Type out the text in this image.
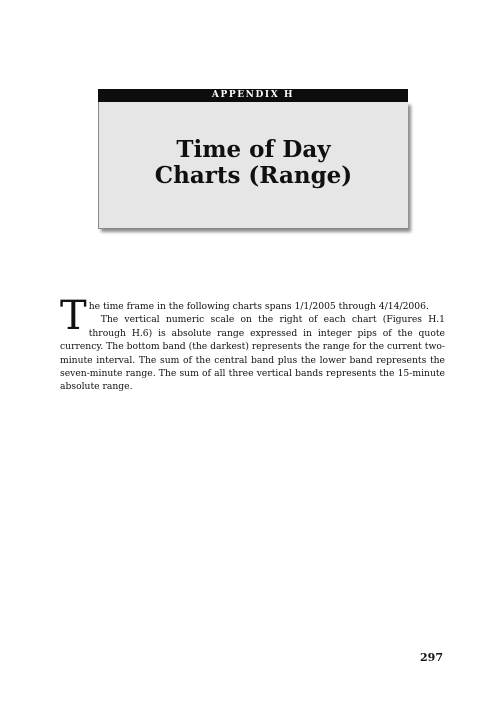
APPENDIX H
Time of Day
Charts (Range)

The time frame in the following charts spans 1/1/2005 through 4/14/2006.

The vertical numeric scale on the right of each chart (Figures H.1 through H.6) is absolute range expressed in integer pips of the quote currency. The bottom band (the darkest) represents the range for the current two-minute interval. The sum of the central band plus the lower band represents the seven-minute range. The sum of all three vertical bands represents the 15-minute absolute range.

297
